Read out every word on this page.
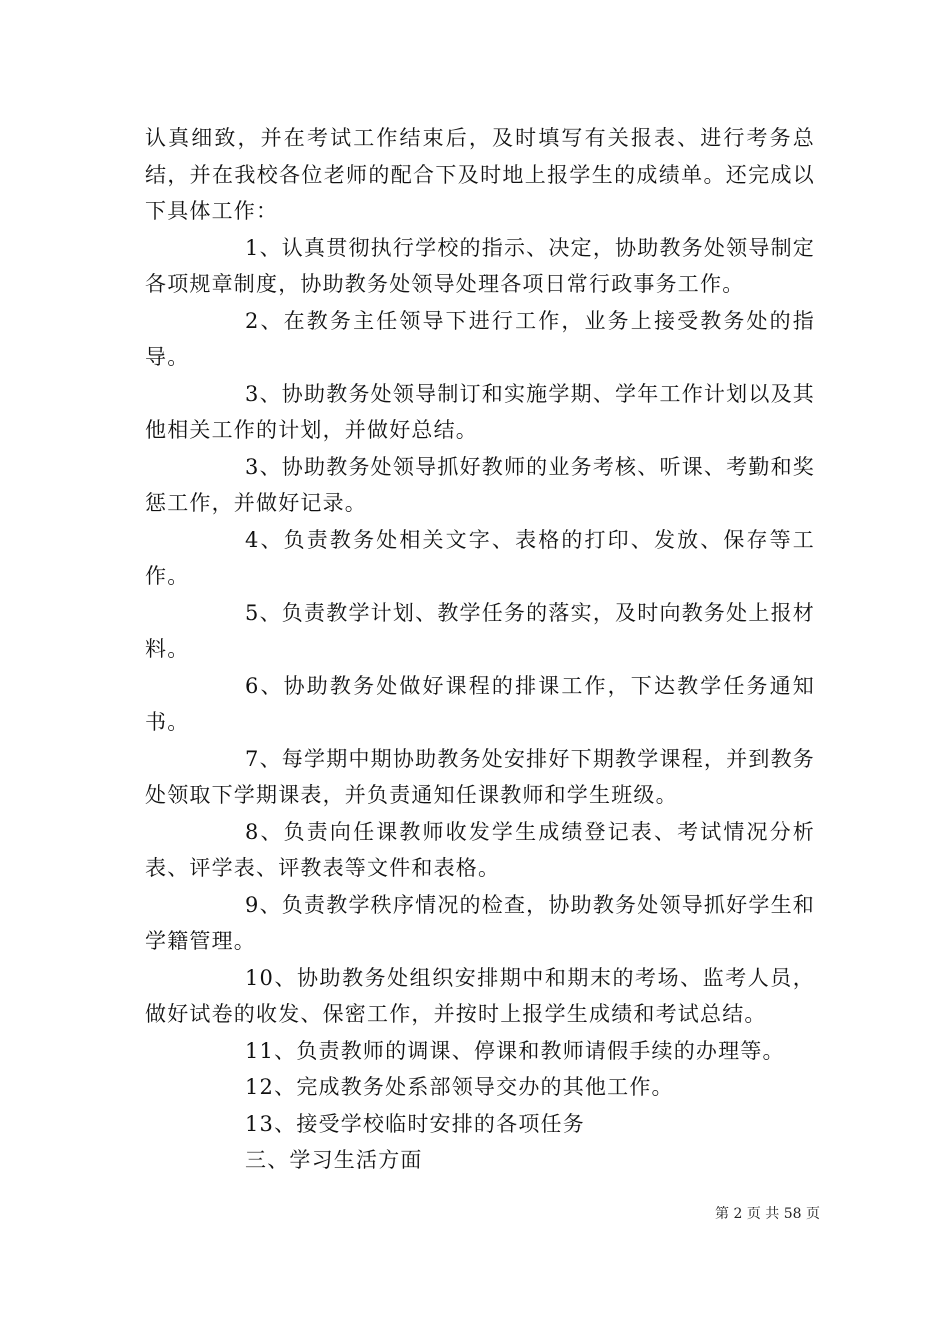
认真细致，并在考试工作结束后，及时填写有关报表、进行考务总结，并在我校各位老师的配合下及时地上报学生的成绩单。还完成以下具体工作：

1、认真贯彻执行学校的指示、决定，协助教务处领导制定各项规章制度，协助教务处领导处理各项日常行政事务工作。

2、在教务主任领导下进行工作，业务上接受教务处的指导。

3、协助教务处领导制订和实施学期、学年工作计划以及其他相关工作的计划，并做好总结。

3、协助教务处领导抓好教师的业务考核、听课、考勤和奖惩工作，并做好记录。

4、负责教务处相关文字、表格的打印、发放、保存等工作。

5、负责教学计划、教学任务的落实，及时向教务处上报材料。

6、协助教务处做好课程的排课工作，下达教学任务通知书。

7、每学期中期协助教务处安排好下期教学课程，并到教务处领取下学期课表，并负责通知任课教师和学生班级。

8、负责向任课教师收发学生成绩登记表、考试情况分析表、评学表、评教表等文件和表格。

9、负责教学秩序情况的检查，协助教务处领导抓好学生和学籍管理。

10、协助教务处组织安排期中和期末的考场、监考人员，做好试卷的收发、保密工作，并按时上报学生成绩和考试总结。

11、负责教师的调课、停课和教师请假手续的办理等。

12、完成教务处系部领导交办的其他工作。

13、接受学校临时安排的各项任务

三、学习生活方面

第 2 页 共 58 页
